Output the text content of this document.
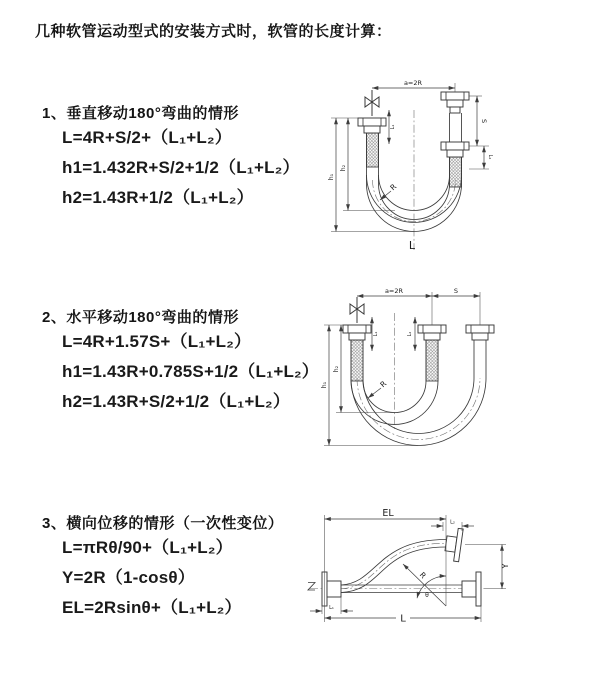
几种软管运动型式的安装方式时，软管的长度计算：
1、垂直移动180°弯曲的情形
L=4R+S/2+（L₁+L₂）
h1=1.432R+S/2+1/2（L₁+L₂）
h2=1.43R+1/2（L₁+L₂）
2、水平移动180°弯曲的情形
L=4R+1.57S+（L₁+L₂）
h1=1.43R+0.785S+1/2（L₁+L₂）
h2=1.43R+S/2+1/2（L₁+L₂）
3、横向位移的情形（一次性变位）
L=πRθ/90+（L₁+L₂）
Y=2R（1-cosθ）
EL=2Rsinθ+（L₁+L₂）
a=2R
S
L₂
h₁
h₂
L₁
R
L
a=2R	S
h₁
h₂
L₁	L₂
R
EL
L₂
Y
R
θ
L₁
L
